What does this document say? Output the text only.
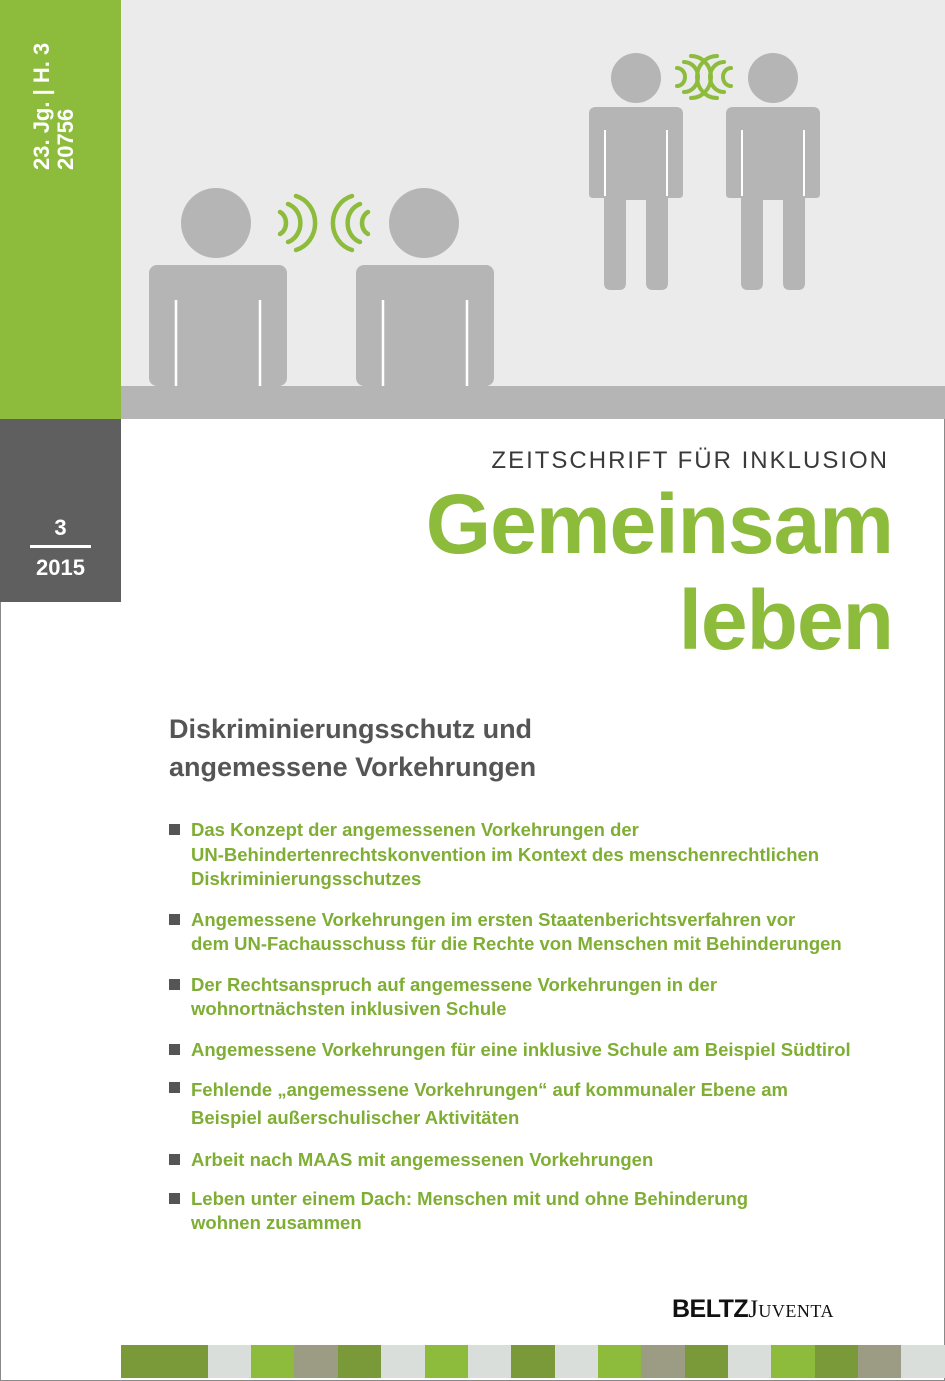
23. Jg. | H. 3 20756
3
2015
ZEITSCHRIFT FÜR INKLUSION
Gemeinsam
leben
Diskriminierungsschutz und
angemessene Vorkehrungen
Das Konzept der angemessenen Vorkehrungen der
UN-Behindertenrechtskonvention im Kontext des menschenrechtlichen
Diskriminierungsschutzes
Angemessene Vorkehrungen im ersten Staatenberichtsverfahren vor
dem UN-Fachausschuss für die Rechte von Menschen mit Behinderungen
Der Rechtsanspruch auf angemessene Vorkehrungen in der
wohnortnächsten inklusiven Schule
Angemessene Vorkehrungen für eine inklusive Schule am Beispiel Südtirol
Fehlende „angemessene Vorkehrungen“ auf kommunaler Ebene am
Beispiel außerschulischer Aktivitäten
Arbeit nach MAAS mit angemessenen Vorkehrungen
Leben unter einem Dach: Menschen mit und ohne Behinderung
wohnen zusammen
BELTZJuventa
